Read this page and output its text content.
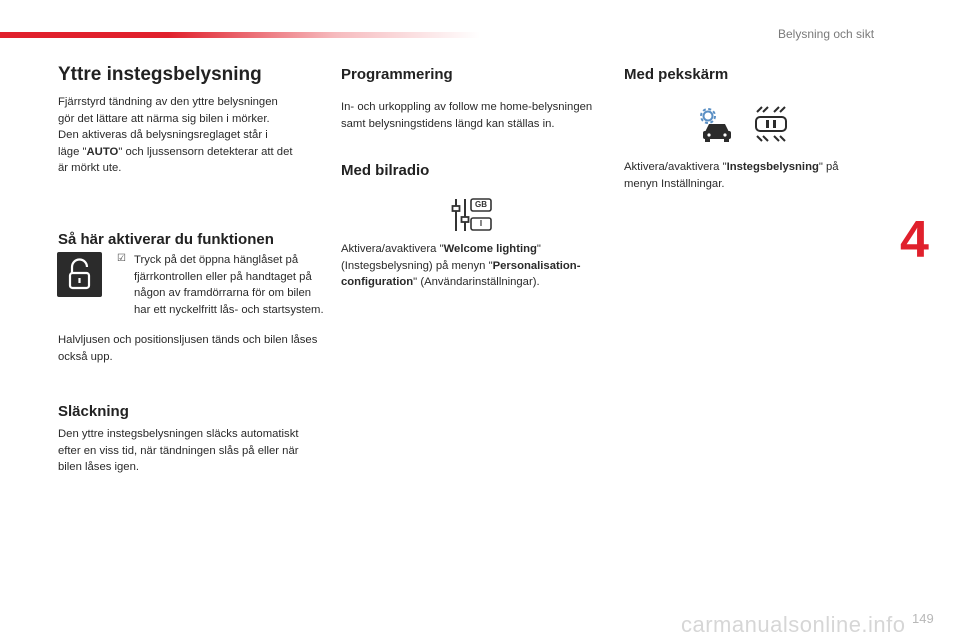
Belysning och sikt
4
149
Yttre instegsbelysning
Fjärrstyrd tändning av den yttre belysningen
gör det lättare att närma sig bilen i mörker.
Den aktiveras då belysningsreglaget står i
läge "AUTO" och ljussensorn detekterar att det
är mörkt ute.
Så här aktiverar du funktionen
☑ Tryck på det öppna hänglåset på fjärrkontrollen eller på handtaget på någon av framdörrarna för om bilen har ett nyckelfritt lås- och startsystem.
Halvljusen och positionsljusen tänds och bilen låses också upp.
Släckning
Den yttre instegsbelysningen släcks automatiskt efter en viss tid, när tändningen slås på eller när bilen låses igen.
Programmering
In- och urkoppling av follow me home-belysningen samt belysningstidens längd kan ställas in.
Med bilradio
GB
I
Aktivera/avaktivera "Welcome lighting" (Instegsbelysning) på menyn "Personalisation-configuration" (Användarinställningar).
Med pekskärm
Aktivera/avaktivera "Instegsbelysning" på menyn Inställningar.
carmanualsonline.info
